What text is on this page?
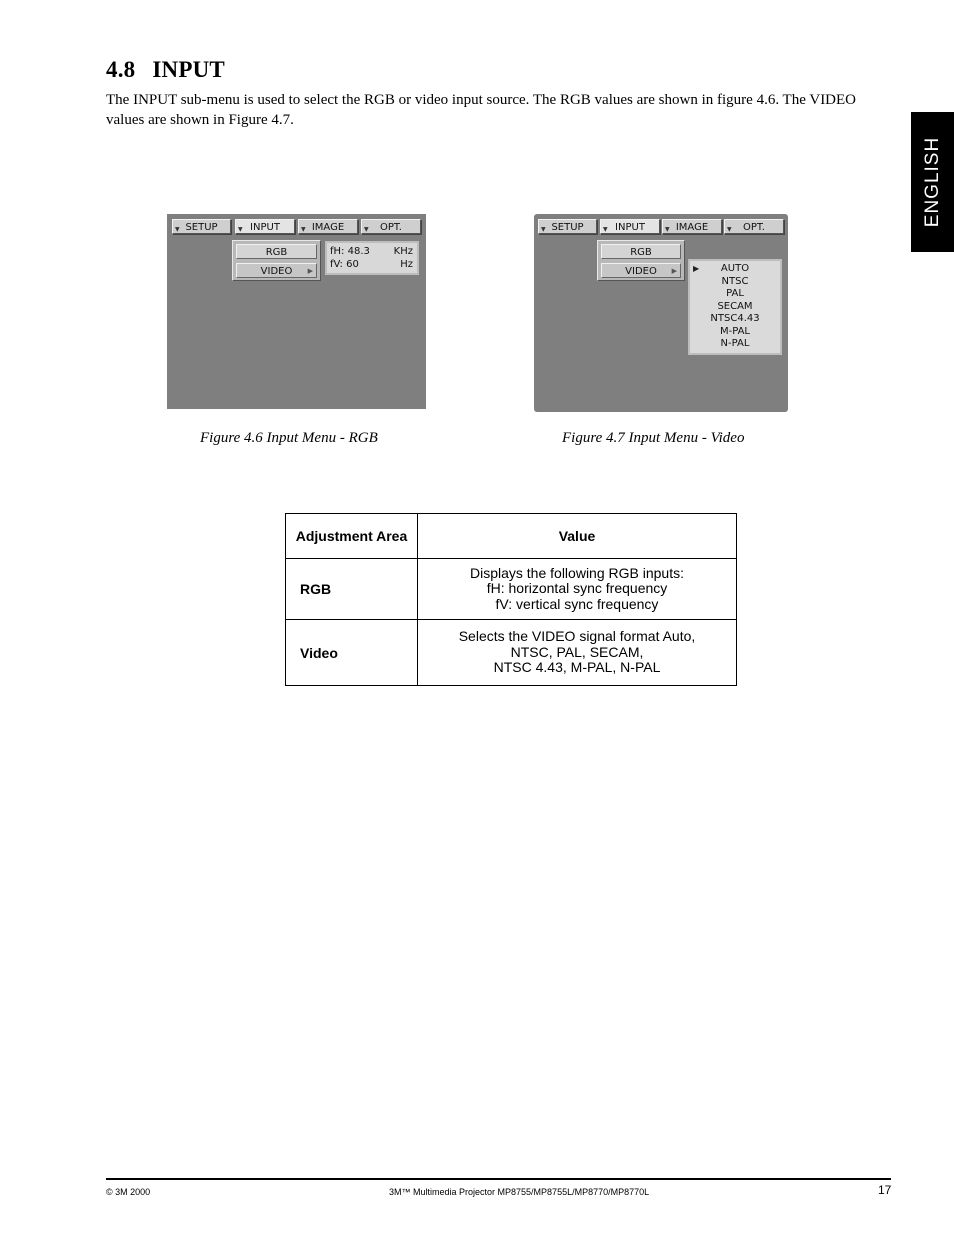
4.8 INPUT

The INPUT sub-menu is used to select the RGB or video input source. The RGB values are shown in figure 4.6. The VIDEO values are shown in Figure 4.7.

ENGLISH
▼ SETUP	▼ INPUT	▼ IMAGE	▼ OPT.
RGB
VIDEO ▶
fH: 48.3 KHz
fV: 60	Hz

Figure 4.6 Input Menu - RGB

▼ SETUP	▼ INPUT	▼ IMAGE	▼ OPT.
RGB
VIDEO ▶ ▶	AUTO
NTSC
PAL
SECAM
NTSC4.43
M-PAL
N-PAL

Figure 4.7 Input Menu - Video

Adjustment Area	Value
RGB	Displays the following RGB inputs:
fH: horizontal sync frequency
fV: vertical sync frequency

Video	Selects the VIDEO signal format Auto,
NTSC, PAL, SECAM,
NTSC 4.43, M-PAL, N-PAL

© 3M 2000	3M™ Multimedia Projector MP8755/MP8755L/MP8770/MP8770L	17
